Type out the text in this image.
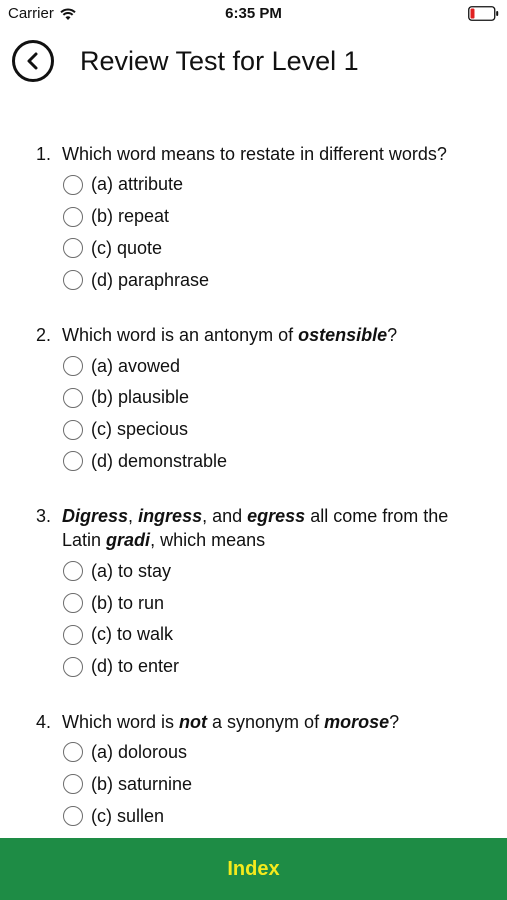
Carrier	6:35 PM
Review Test for Level 1
1. Which word means to restate in different words?
(a) attribute
(b) repeat
(c) quote
(d) paraphrase
2. Which word is an antonym of ostensible?
(a) avowed
(b) plausible
(c) specious
(d) demonstrable
3. Digress, ingress, and egress all come from the Latin gradi, which means
(a) to stay
(b) to run
(c) to walk
(d) to enter
4. Which word is not a synonym of morose?
(a) dolorous
(b) saturnine
(c) sullen
Index
